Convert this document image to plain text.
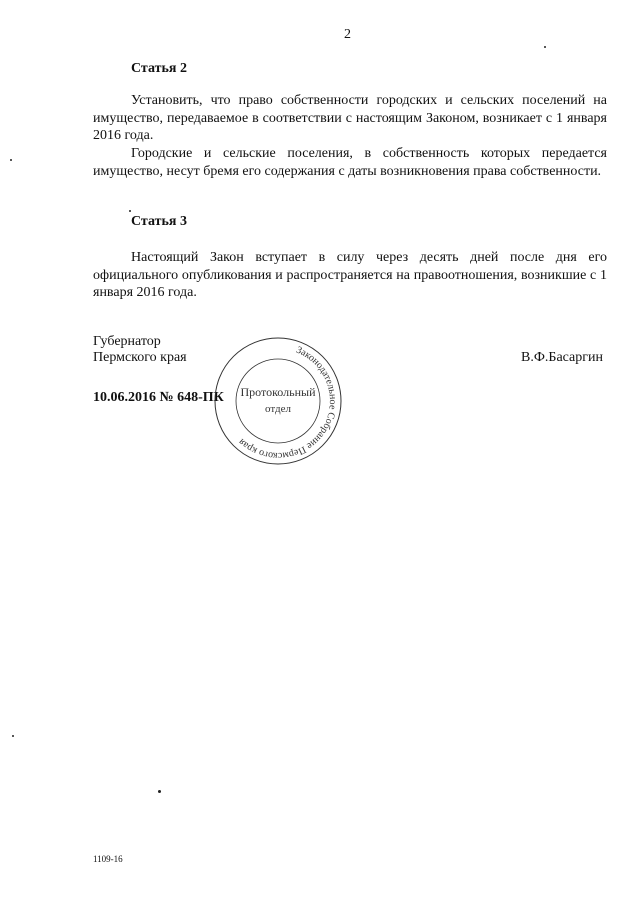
2
Статья 2

Установить, что право собственности городских и сельских поселений на имущество, передаваемое в соответствии с настоящим Законом, возникает с 1 января 2016 года.

Городские и сельские поселения, в собственность которых передается имущество, несут бремя его содержания с даты возникновения права собственности.

Статья 3

Настоящий Закон вступает в силу через десять дней после дня его официального опубликования и распространяется на правоотношения, возникшие с 1 января 2016 года.

Губернатор
Пермского края	В.Ф.Басаргин
10.06.2016 № 648-ПК
Законодательное Собрание Пермского края
Протокольный
отдел
1109-16
